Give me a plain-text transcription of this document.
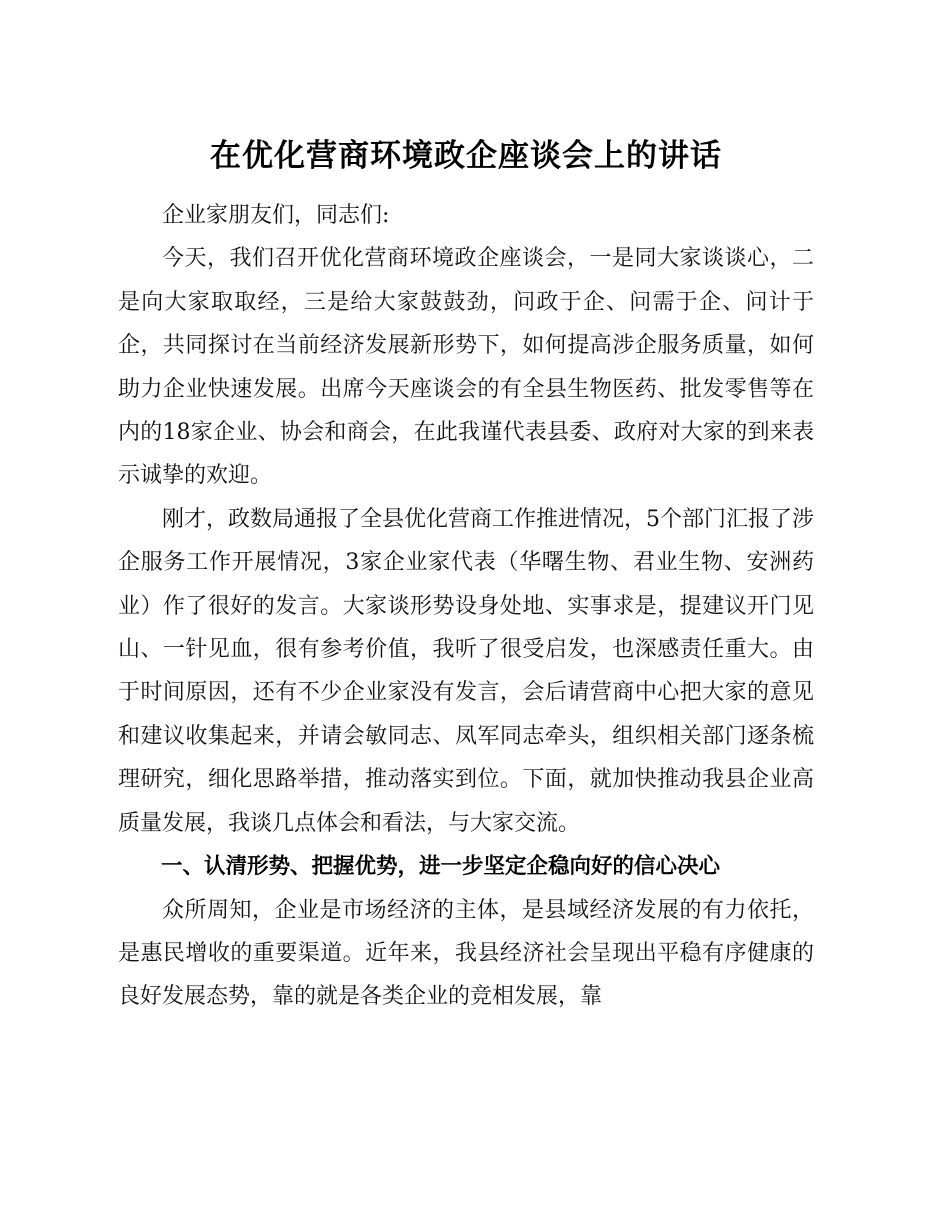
在优化营商环境政企座谈会上的讲话

企业家朋友们，同志们:

今天，我们召开优化营商环境政企座谈会，一是同大家谈谈心，二是向大家取取经，三是给大家鼓鼓劲，问政于企、问需于企、问计于企，共同探讨在当前经济发展新形势下，如何提高涉企服务质量，如何助力企业快速发展。出席今天座谈会的有全县生物医药、批发零售等在内的18家企业、协会和商会，在此我谨代表县委、政府对大家的到来表示诚挚的欢迎。

刚才，政数局通报了全县优化营商工作推进情况，5个部门汇报了涉企服务工作开展情况，3家企业家代表（华曙生物、君业生物、安洲药业）作了很好的发言。大家谈形势设身处地、实事求是，提建议开门见山、一针见血，很有参考价值，我听了很受启发，也深感责任重大。由于时间原因，还有不少企业家没有发言，会后请营商中心把大家的意见和建议收集起来，并请会敏同志、凤军同志牵头，组织相关部门逐条梳理研究，细化思路举措，推动落实到位。下面，就加快推动我县企业高质量发展，我谈几点体会和看法，与大家交流。

一、认清形势、把握优势，进一步坚定企稳向好的信心决心

众所周知，企业是市场经济的主体，是县域经济发展的有力依托，是惠民增收的重要渠道。近年来，我县经济社会呈现出平稳有序健康的良好发展态势，靠的就是各类企业的竞相发展，靠
